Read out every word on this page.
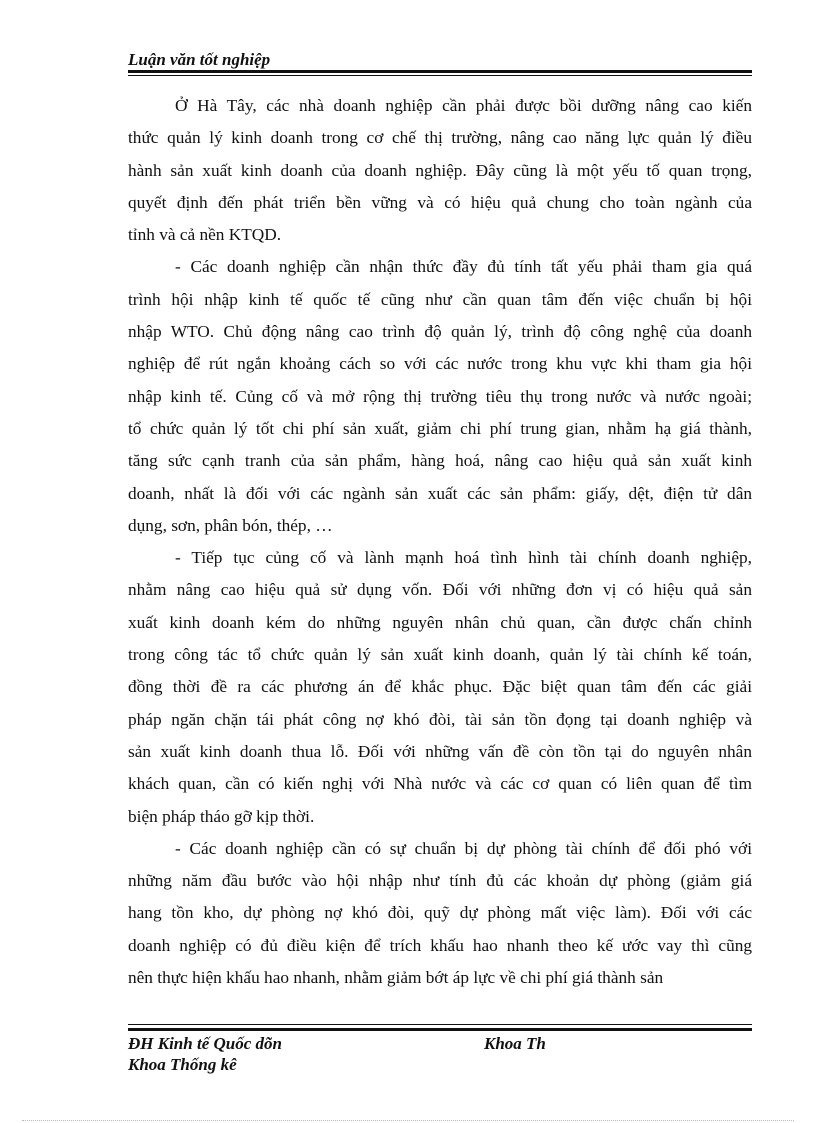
Luận văn tốt nghiệp
Ở Hà Tây, các nhà doanh nghiệp cần phải được bồi dưỡng nâng cao kiến
thức quản lý kinh doanh trong cơ chế thị trường, nâng cao năng lực quản lý điều
hành sản xuất kinh doanh của doanh nghiệp. Đây cũng là một yếu tố quan trọng,
quyết định đến phát triển bền vững và có hiệu quả chung cho toàn ngành của
tỉnh và cả nền KTQD.
- Các doanh nghiệp cần nhận thức đầy đủ tính tất yếu phải tham gia quá
trình hội nhập kinh tế quốc tế cũng như cần quan tâm đến việc chuẩn bị hội
nhập WTO. Chủ động nâng cao trình độ quản lý, trình độ công nghệ của doanh
nghiệp để rút ngắn khoảng cách so với các nước trong khu vực khi tham gia hội
nhập kinh tế. Củng cố và mở rộng thị trường tiêu thụ trong nước và nước ngoài;
tổ chức quản lý tốt chi phí sản xuất, giảm chi phí trung gian, nhằm hạ giá thành,
tăng sức cạnh tranh của sản phẩm, hàng hoá, nâng cao hiệu quả sản xuất kinh
doanh, nhất là đối với các ngành sản xuất các sản phẩm: giấy, dệt, điện tử dân
dụng, sơn, phân bón, thép, …
- Tiếp tục củng cố và lành mạnh hoá tình hình tài chính doanh nghiệp,
nhằm nâng cao hiệu quả sử dụng vốn. Đối với những đơn vị có hiệu quả sản
xuất kinh doanh kém do những nguyên nhân chủ quan, cần được chấn chỉnh
trong công tác tổ chức quản lý sản xuất kinh doanh, quản lý tài chính kế toán,
đồng thời đề ra các phương án để khắc phục. Đặc biệt quan tâm đến các giải
pháp ngăn chặn tái phát công nợ khó đòi, tài sản tồn đọng tại doanh nghiệp và
sản xuất kinh doanh thua lỗ. Đối với những vấn đề còn tồn tại do nguyên nhân
khách quan, cần có kiến nghị với Nhà nước và các cơ quan có liên quan để tìm
biện pháp tháo gỡ kịp thời.
- Các doanh nghiệp cần có sự chuẩn bị dự phòng tài chính để đối phó với
những năm đầu bước vào hội nhập như tính đủ các khoản dự phòng (giảm giá
hang tồn kho, dự phòng nợ khó đòi, quỹ dự phòng mất việc làm). Đối với các
doanh nghiệp có đủ điều kiện để trích khấu hao nhanh theo kế ước vay thì cũng
nên thực hiện khấu hao nhanh, nhằm giảm bớt áp lực về chi phí giá thành sản
ĐH Kinh tế Quốc dõn
Khoa Thống kê
Khoa Th
